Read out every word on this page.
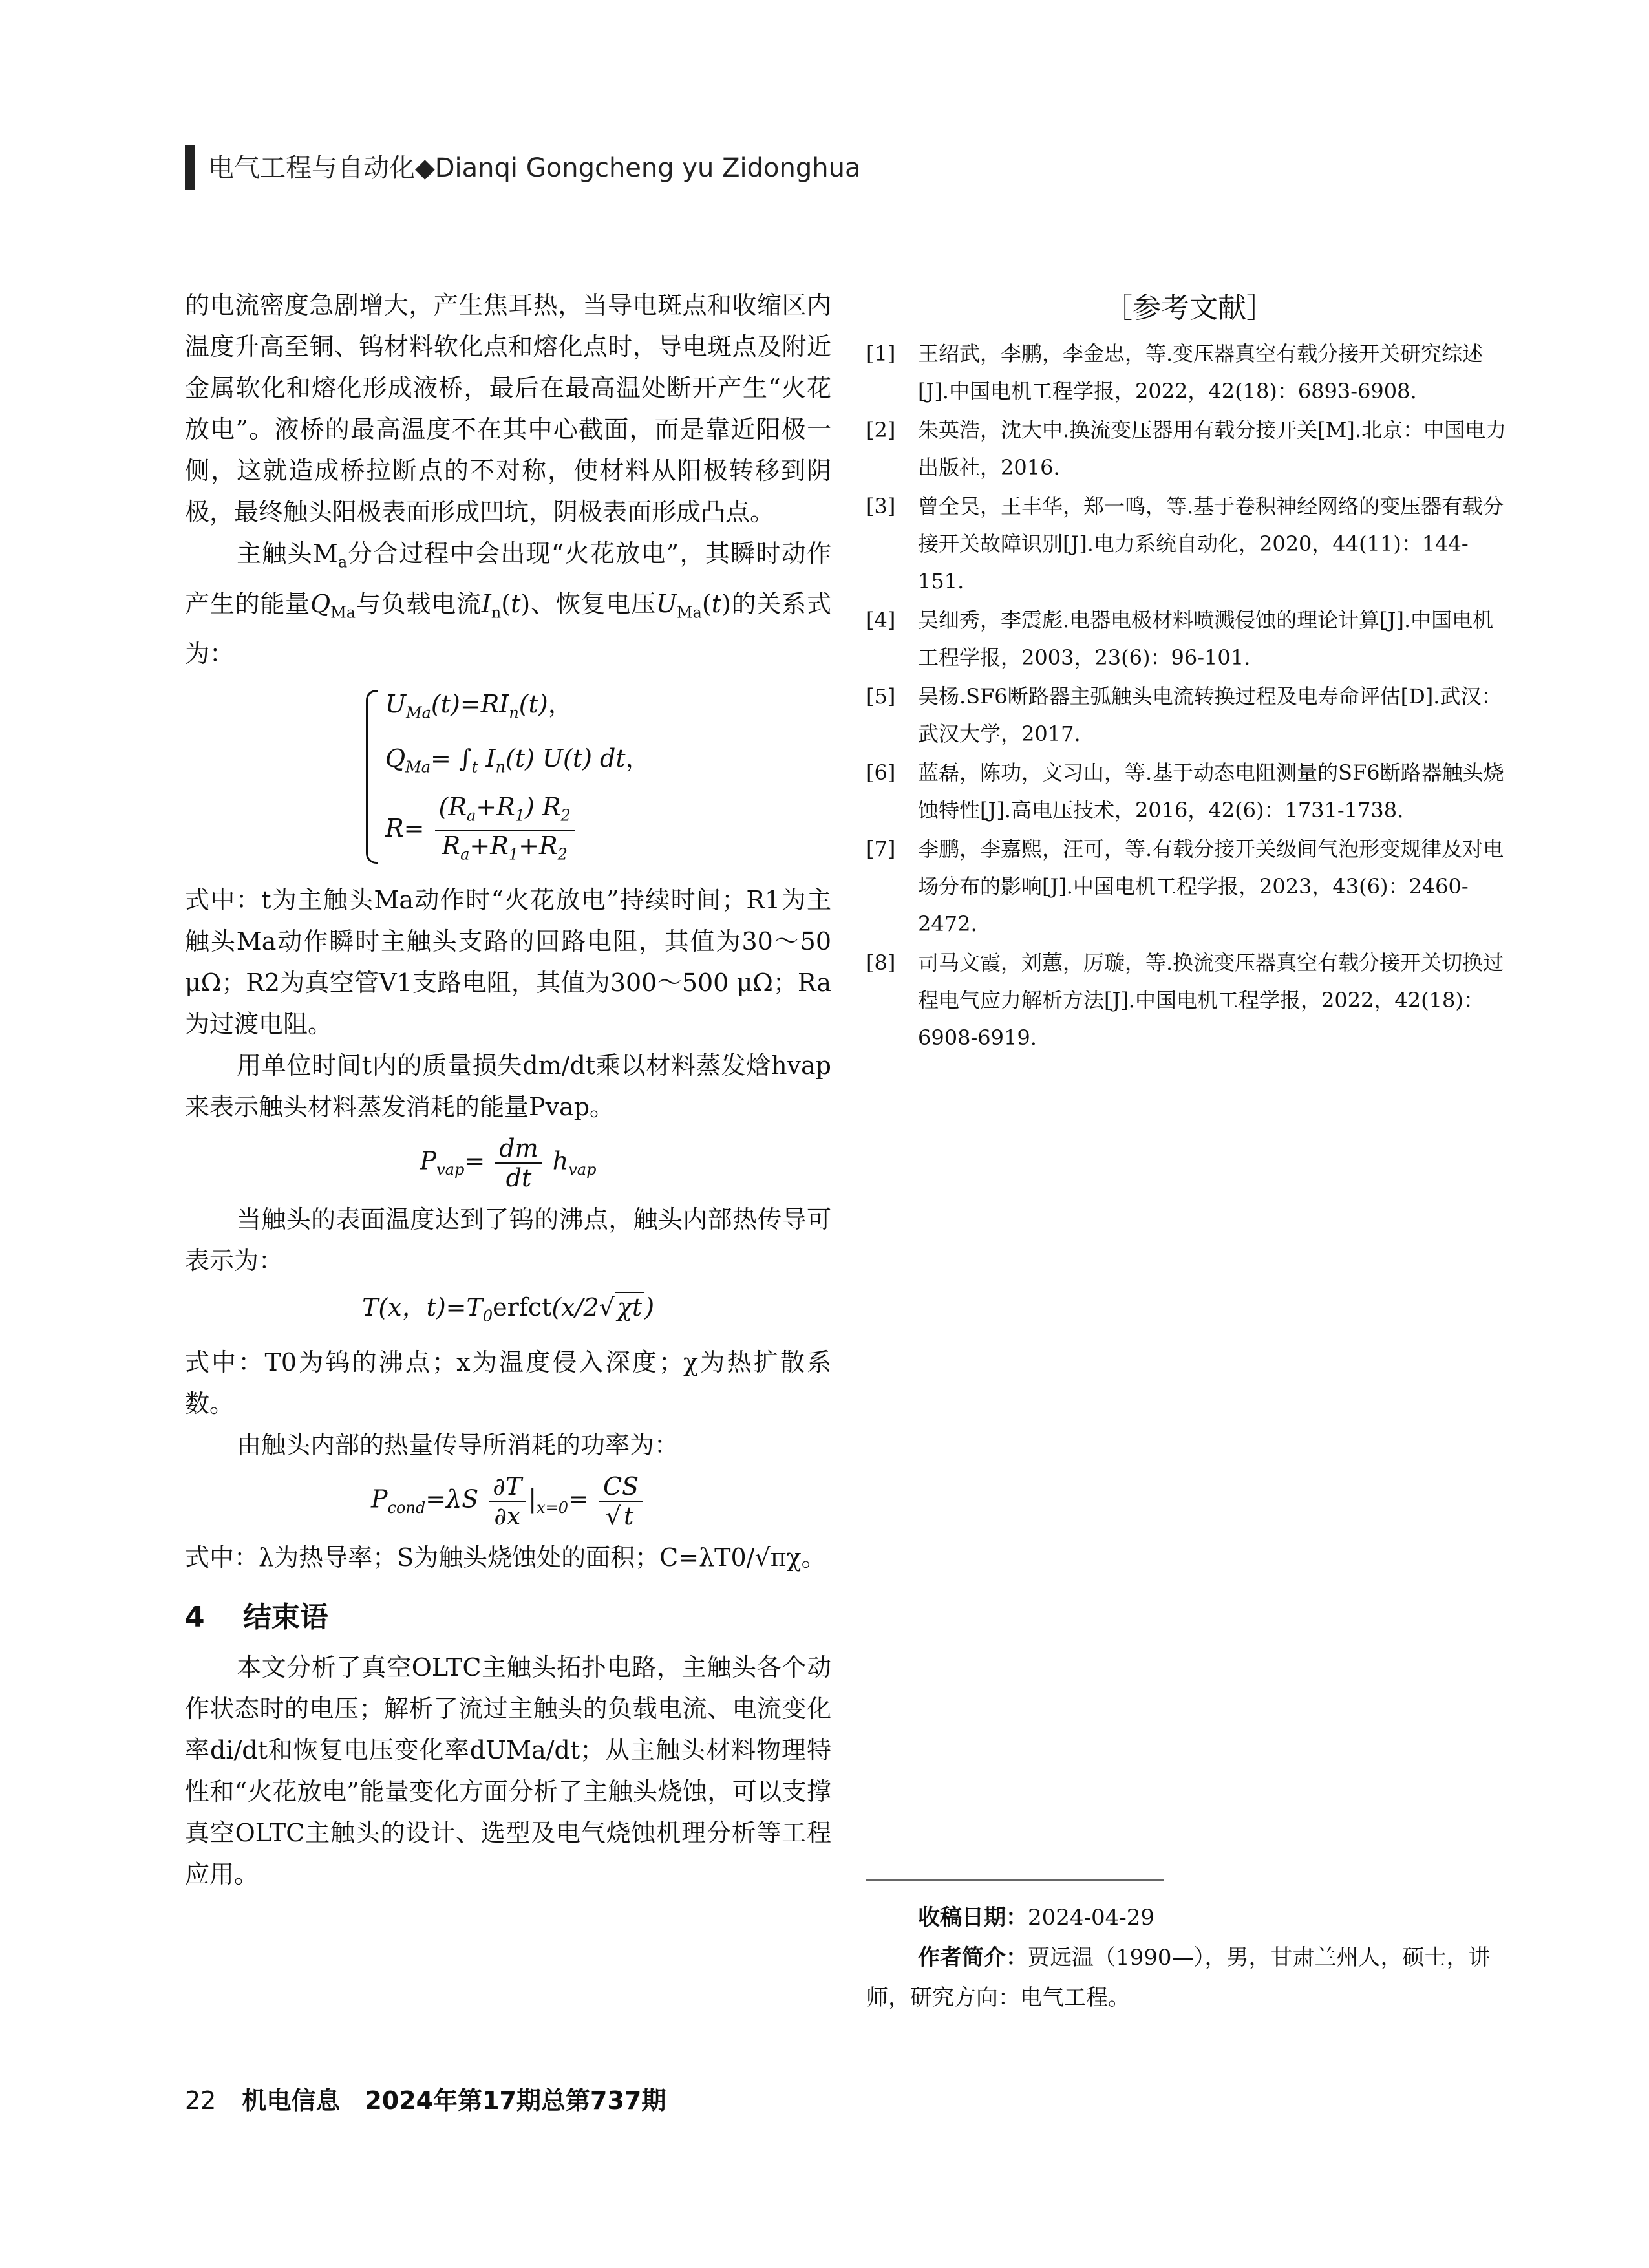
电气工程与自动化◆Dianqi Gongcheng yu Zidonghua

的电流密度急剧增大，产生焦耳热，当导电斑点和收缩区内温度升高至铜、钨材料软化点和熔化点时，导电斑点及附近金属软化和熔化形成液桥，最后在最高温处断开产生“火花放电”。液桥的最高温度不在其中心截面，而是靠近阳极一侧，这就造成桥拉断点的不对称，使材料从阳极转移到阴极，最终触头阳极表面形成凹坑，阴极表面形成凸点。

主触头$M_a$分合过程中会出现“火花放电”，其瞬时动作产生的能量$Q_{Ma}$与负载电流$I_n(t)$、恢复电压$U_{Ma}(t)$的关系式为：

$U_{Ma}(t)=RI_n(t)$，
$Q_{Ma}= \int_t$ $I_n(t)$ U(t) dt，
$R= \frac{(R_a+R_1) R_2}{R_a+R_1+R_2}$

式中：t为主触头Ma动作时“火花放电”持续时间；R1为主触头Ma动作瞬时主触头支路的回路电阻，其值为30～50 μΩ；R2为真空管V1支路电阻，其值为300～500 μΩ；Ra为过渡电阻。

用单位时间t内的质量损失dm/dt乘以材料蒸发焓hvap来表示触头材料蒸发消耗的能量Pvap。

$P_{vap}= \frac{dm}{dt} h_{vap}$

当触头的表面温度达到了钨的沸点，触头内部热传导可表示为：

T(x，$t)=T_0erfct(x/2√$ χt )

式中：T0为钨的沸点；x为温度侵入深度；χ为热扩散系数。

由触头内部的热量传导所消耗的功率为：

$P_{cond}=\lambda S \frac{\partial T}{\partial x} |_{x=0}= \frac{CS}{√ t}$

式中：λ为热导率；S为触头烧蚀处的面积；C=λT0/√πχ。

4 结束语

本文分析了真空OLTC主触头拓扑电路，主触头各个动作状态时的电压；解析了流过主触头的负载电流、电流变化率di/dt和恢复电压变化率dUMa/dt；从主触头材料物理特性和“火花放电”能量变化方面分析了主触头烧蚀，可以支撑真空OLTC主触头的设计、选型及电气烧蚀机理分析等工程应用。

［参考文献］
[1] 王绍武，李鹏，李金忠，等.变压器真空有载分接开关研究综述[J].中国电机工程学报，2022，42(18)：6893-6908.
[2] 朱英浩，沈大中.换流变压器用有载分接开关[M].北京：中国电力出版社，2016.
[3] 曾全昊，王丰华，郑一鸣，等.基于卷积神经网络的变压器有载分接开关故障识别[J].电力系统自动化，2020，44(11)：144-151.
[4] 吴细秀，李震彪.电器电极材料喷溅侵蚀的理论计算[J].中国电机工程学报，2003，23(6)：96-101.
[5] 吴杨.SF6断路器主弧触头电流转换过程及电寿命评估[D].武汉：武汉大学，2017.
[6] 蓝磊，陈功，文习山，等.基于动态电阻测量的SF6断路器触头烧蚀特性[J].高电压技术，2016，42(6)：1731-1738.
[7] 李鹏，李嘉熙，汪可，等.有载分接开关级间气泡形变规律及对电场分布的影响[J].中国电机工程学报，2023，43(6)：2460-2472.
[8] 司马文霞，刘蕙，厉璇，等.换流变压器真空有载分接开关切换过程电气应力解析方法[J].中国电机工程学报，2022，42(18)：6908-6919.
收稿日期：2024-04-29
作者简介：贾远温（1990—），男，甘肃兰州人，硕士，讲师，研究方向：电气工程。
22 机电信息　2024年第17期总第737期
